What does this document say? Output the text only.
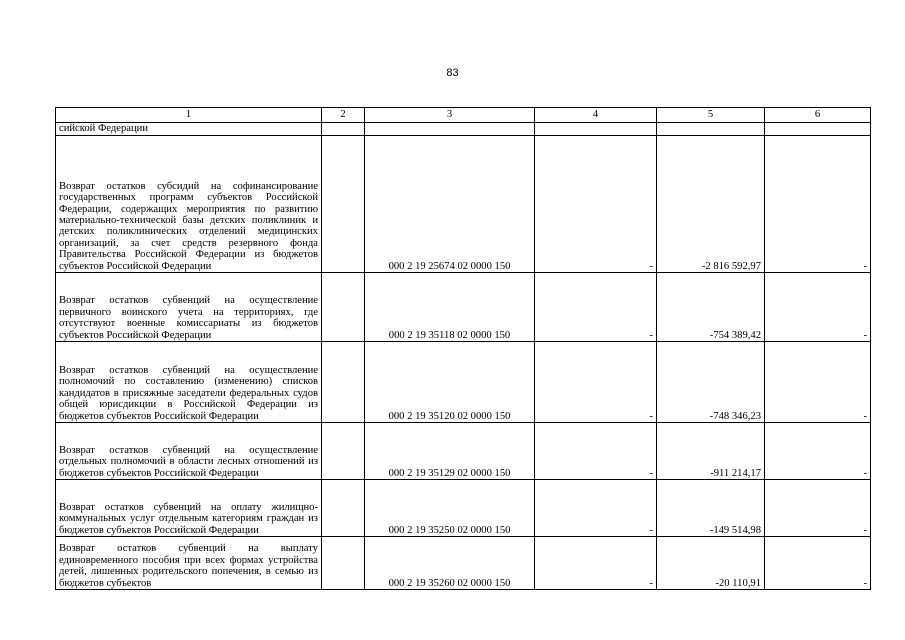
83
1	2	3	4	5	6
сийской Федерации					
Возврат остатков субсидий на софинансирование государственных программ субъектов Российской Федерации, содержащих мероприятия по развитию материально-технической базы детских поликлиник и детских поликлинических отделений медицинских организаций, за счет средств резервного фонда Правительства Российской Федерации из бюджетов субъектов Российской Федерации		000 2 19 25674 02 0000 150	-	-2 816 592,97	-
Возврат остатков субвенций на осуществление первичного воинского учета на территориях, где отсутствуют военные комиссариаты из бюджетов субъектов Российской Федерации		000 2 19 35118 02 0000 150	-	-754 389,42	-
Возврат остатков субвенций на осуществление полномочий по составлению (изменению) списков кандидатов в присяжные заседатели федеральных судов общей юрисдикции в Российской Федерации из бюджетов субъектов Российской Федерации		000 2 19 35120 02 0000 150	-	-748 346,23	-
Возврат остатков субвенций на осуществление отдельных полномочий в области лесных отношений из бюджетов субъектов Российской Федерации		000 2 19 35129 02 0000 150	-	-911 214,17	-
Возврат остатков субвенций на оплату жилищно-коммунальных услуг отдельным категориям граждан из бюджетов субъектов Российской Федерации		000 2 19 35250 02 0000 150	-	-149 514,98	-
Возврат остатков субвенций на выплату единовременного пособия при всех формах устройства детей, лишенных родительского попечения, в семью из бюджетов субъектов		000 2 19 35260 02 0000 150	-	-20 110,91	-
